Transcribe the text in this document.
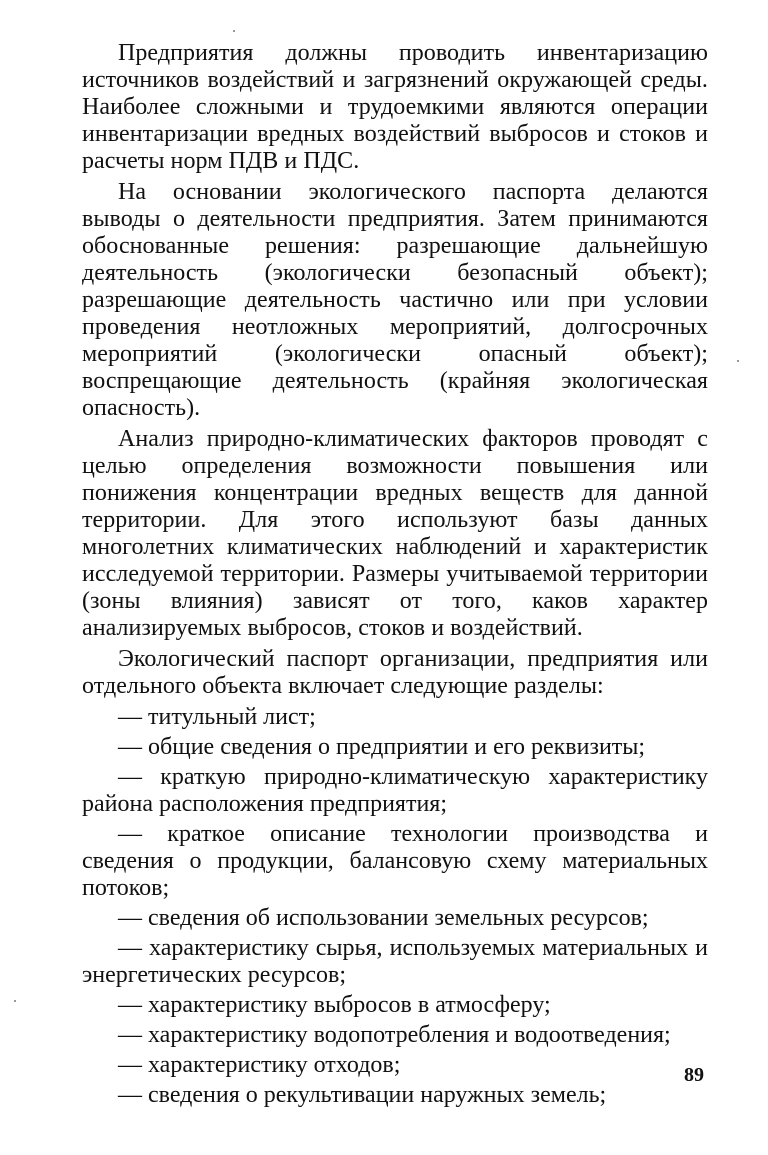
Предприятия должны проводить инвентаризацию источников воздействий и загрязнений окружающей среды. Наиболее сложными и трудоемкими являются операции инвентаризации вредных воздействий выбросов и стоков и расчеты норм ПДВ и ПДС.

На основании экологического паспорта делаются выводы о деятельности предприятия. Затем принимаются обоснованные решения: разрешающие дальнейшую деятельность (экологически безопасный объект); разрешающие деятельность частично или при условии проведения неотложных мероприятий, долгосрочных мероприятий (экологически опасный объект); воспрещающие деятельность (крайняя экологическая опасность).

Анализ природно-климатических факторов проводят с целью определения возможности повышения или понижения концентрации вредных веществ для данной территории. Для этого используют базы данных многолетних климатических наблюдений и характеристик исследуемой территории. Размеры учитываемой территории (зоны влияния) зависят от того, каков характер анализируемых выбросов, стоков и воздействий.

Экологический паспорт организации, предприятия или отдельного объекта включает следующие разделы:

— титульный лист;
— общие сведения о предприятии и его реквизиты;
— краткую природно-климатическую характеристику района расположения предприятия;
— краткое описание технологии производства и сведения о продукции, балансовую схему материальных потоков;
— сведения об использовании земельных ресурсов;
— характеристику сырья, используемых материальных и энергетических ресурсов;
— характеристику выбросов в атмосферу;
— характеристику водопотребления и водоотведения;
— характеристику отходов;
— сведения о рекультивации наружных земель;
89
